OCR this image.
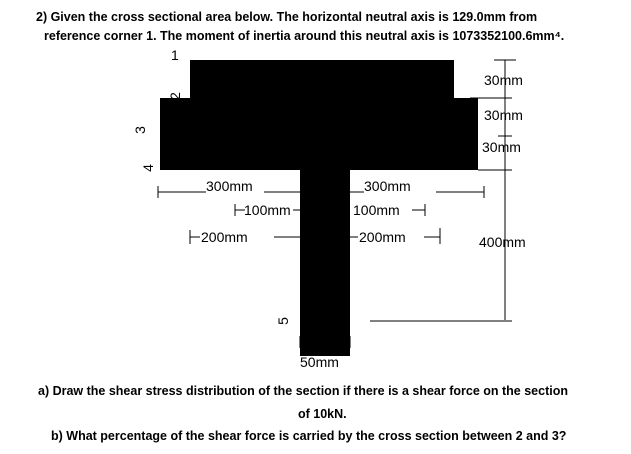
2) Given the cross sectional area below. The horizontal neutral axis is 129.0mm from
reference corner 1. The moment of inertia around this neutral axis is 1073352100.6mm⁴.
1
2
3
4
5
30mm
30mm
30mm
400mm
300mm
100mm
200mm
300mm
100mm
200mm
50mm
a) Draw the shear stress distribution of the section if there is a shear force on the section
of 10kN.
b) What percentage of the shear force is carried by the cross section between 2 and 3?
